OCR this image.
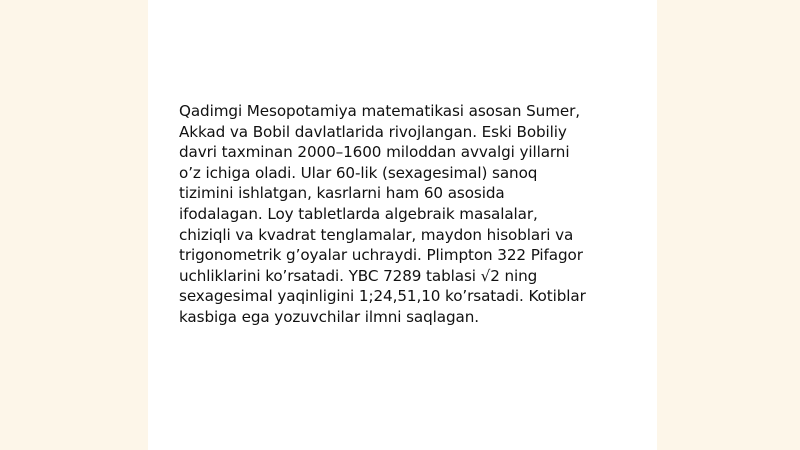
Qadimgi Mesopotamiya matematikasi asosan Sumer,
Akkad va Bobil davlatlarida rivojlangan. Eski Bobiliy
davri taxminan 2000–1600 miloddan avvalgi yillarni
o’z ichiga oladi. Ular 60-lik (sexagesimal) sanoq
tizimini ishlatgan, kasrlarni ham 60 asosida
ifodalagan. Loy tabletlarda algebraik masalalar,
chiziqli va kvadrat tenglamalar, maydon hisoblari va
trigonometrik g’oyalar uchraydi. Plimpton 322 Pifagor
uchliklarini ko’rsatadi. YBC 7289 tablasi √2 ning
sexagesimal yaqinligini 1;24,51,10 ko’rsatadi. Kotiblar
kasbiga ega yozuvchilar ilmni saqlagan.
